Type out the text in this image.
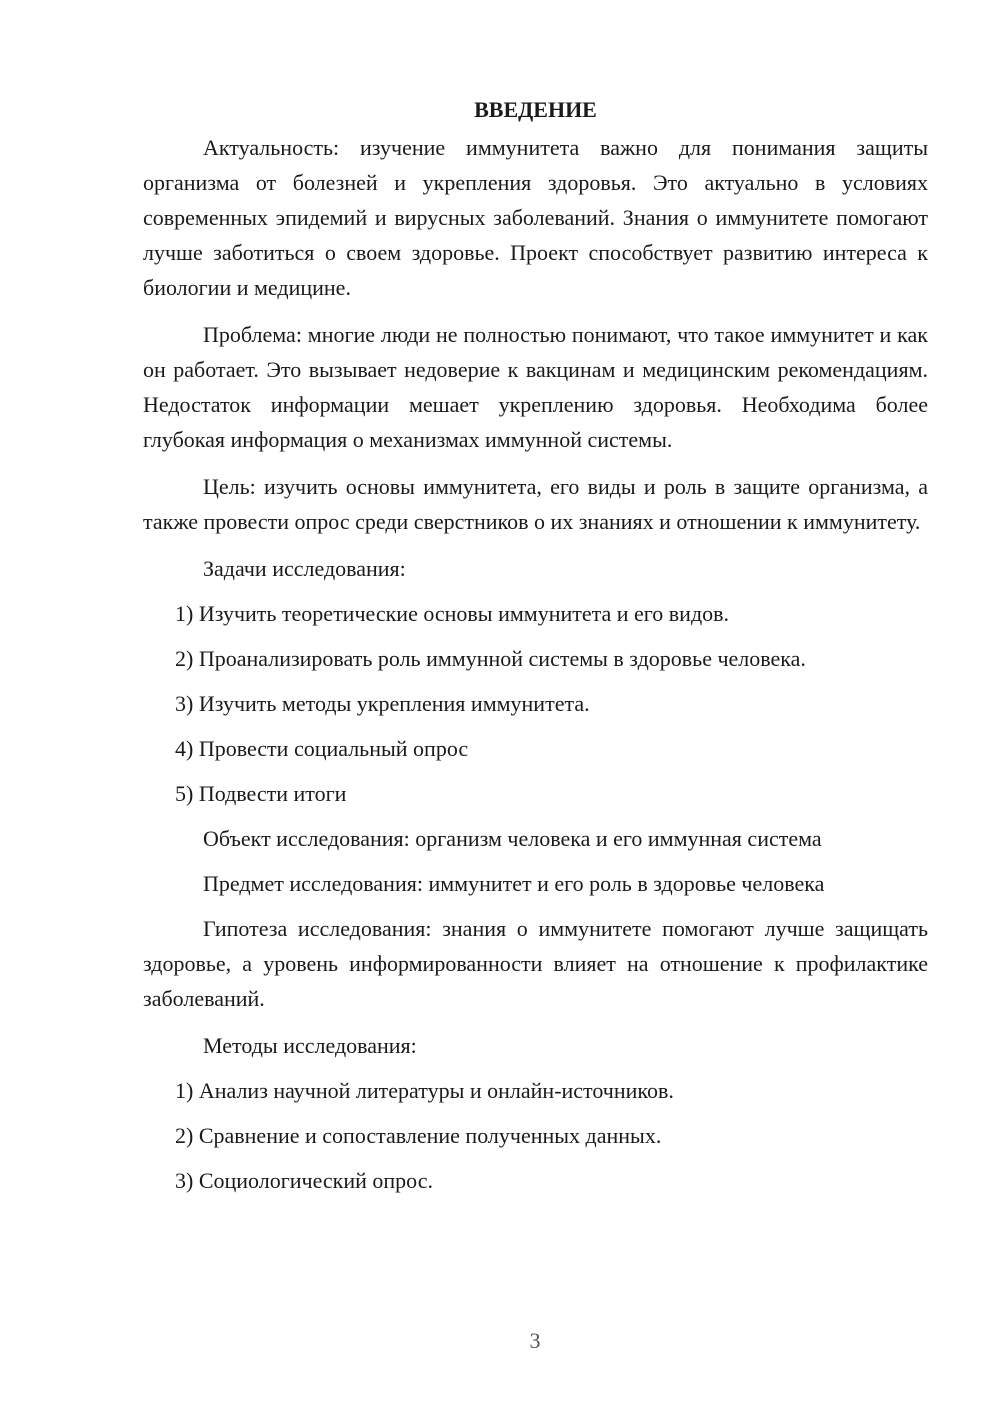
ВВЕДЕНИЕ

Актуальность: изучение иммунитета важно для понимания защиты организма от болезней и укрепления здоровья. Это актуально в условиях современных эпидемий и вирусных заболеваний. Знания о иммунитете помогают лучше заботиться о своем здоровье. Проект способствует развитию интереса к биологии и медицине.

Проблема: многие люди не полностью понимают, что такое иммунитет и как он работает. Это вызывает недоверие к вакцинам и медицинским рекомендациям. Недостаток информации мешает укреплению здоровья. Необходима более глубокая информация о механизмах иммунной системы.

Цель: изучить основы иммунитета, его виды и роль в защите организма, а также провести опрос среди сверстников о их знаниях и отношении к иммунитету.

Задачи исследования:
1) Изучить теоретические основы иммунитета и его видов.
2) Проанализировать роль иммунной системы в здоровье человека.
3) Изучить методы укрепления иммунитета.
4) Провести социальный опрос
5) Подвести итоги
Объект исследования: организм человека и его иммунная система
Предмет исследования: иммунитет и его роль в здоровье человека

Гипотеза исследования: знания о иммунитете помогают лучше защищать здоровье, а уровень информированности влияет на отношение к профилактике заболеваний.

Методы исследования:
1) Анализ научной литературы и онлайн-источников.
2) Сравнение и сопоставление полученных данных.
3) Социологический опрос.
3
